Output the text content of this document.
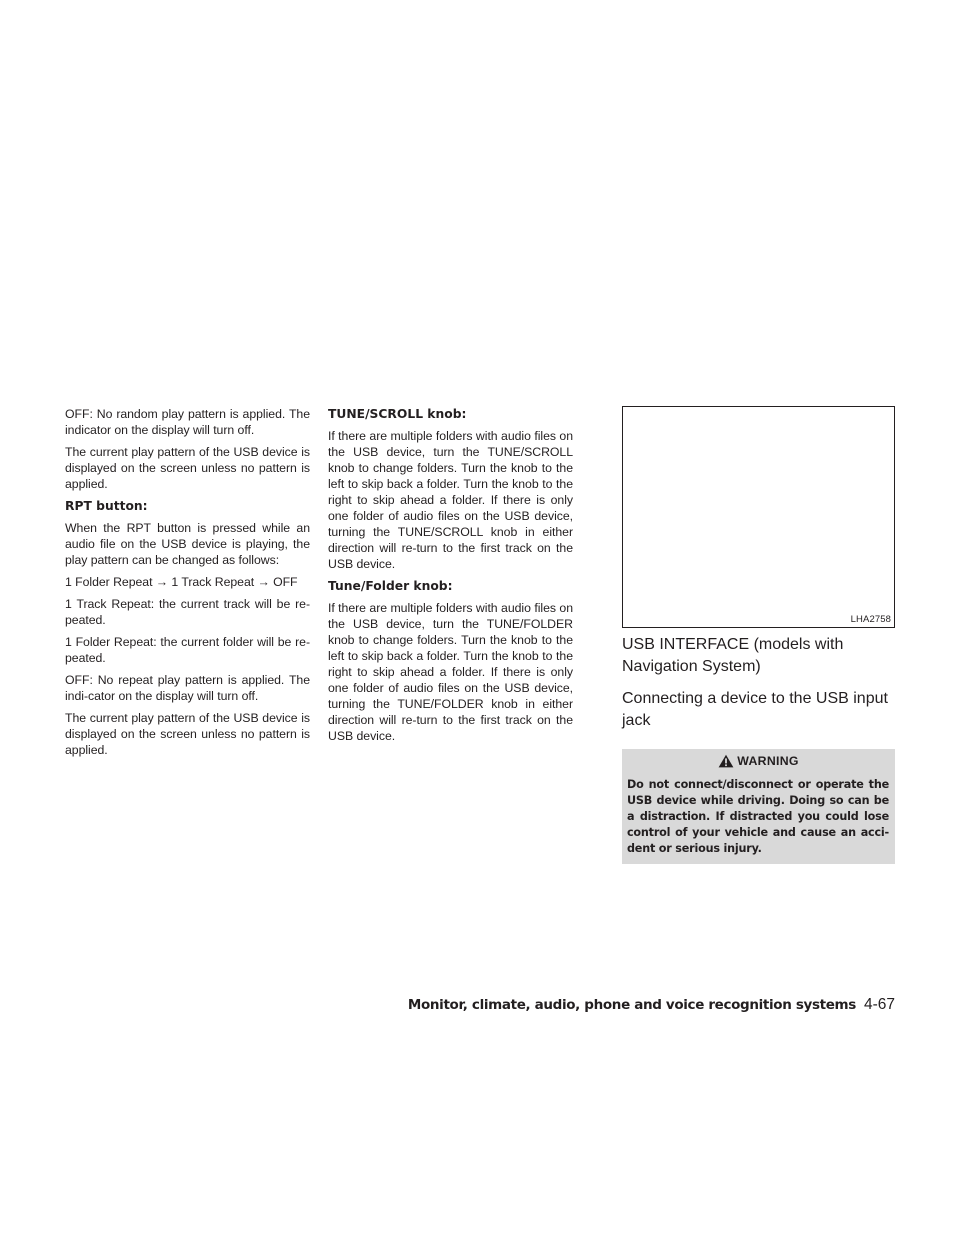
OFF: No random play pattern is applied. The indicator on the display will turn off.

The current play pattern of the USB device is displayed on the screen unless no pattern is applied.

RPT button:

When the RPT button is pressed while an audio file on the USB device is playing, the play pattern can be changed as follows:

1 Folder Repeat → 1 Track Repeat → OFF

1 Track Repeat: the current track will be re-peated.

1 Folder Repeat: the current folder will be re-peated.

OFF: No repeat play pattern is applied. The indi-cator on the display will turn off.

The current play pattern of the USB device is displayed on the screen unless no pattern is applied.

TUNE/SCROLL knob:

If there are multiple folders with audio files on the USB device, turn the TUNE/SCROLL knob to change folders. Turn the knob to the left to skip back a folder. Turn the knob to the right to skip ahead a folder. If there is only one folder of audio files on the USB device, turning the TUNE/SCROLL knob in either direction will re-turn to the first track on the USB device.

Tune/Folder knob:

If there are multiple folders with audio files on the USB device, turn the TUNE/FOLDER knob to change folders. Turn the knob to the left to skip back a folder. Turn the knob to the right to skip ahead a folder. If there is only one folder of audio files on the USB device, turning the TUNE/FOLDER knob in either direction will re-turn to the first track on the USB device.

LHA2758
USB INTERFACE (models with Navigation System)
Connecting a device to the USB input jack
WARNING

Do not connect/disconnect or operate the USB device while driving. Doing so can be a distraction. If distracted you could lose control of your vehicle and cause an acci-dent or serious injury.

Monitor, climate, audio, phone and voice recognition systems 4-67
